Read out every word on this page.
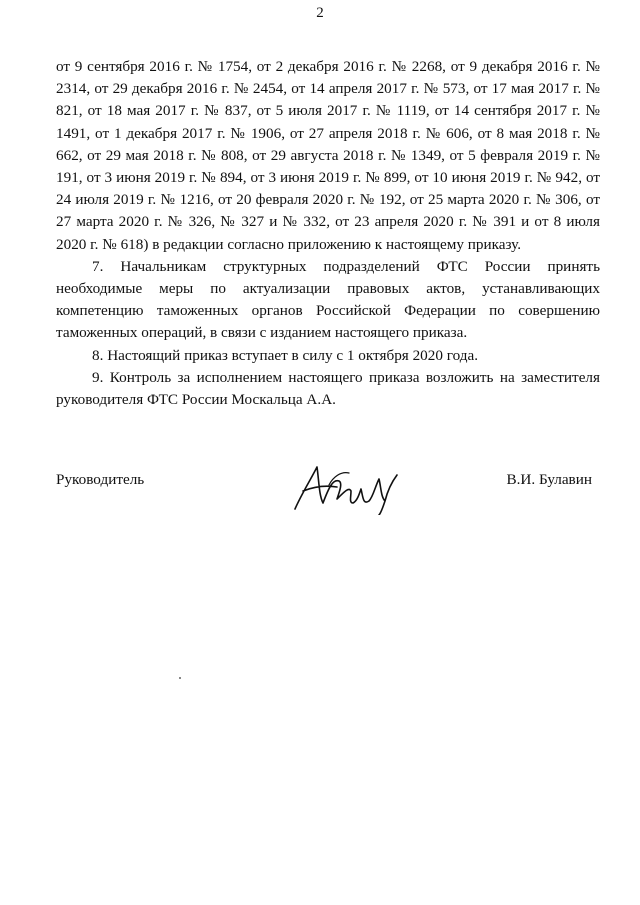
2

от 9 сентября 2016 г. № 1754, от 2 декабря 2016 г. № 2268, от 9 декабря 2016 г. № 2314, от 29 декабря 2016 г. № 2454, от 14 апреля 2017 г. № 573, от 17 мая 2017 г. № 821, от 18 мая 2017 г. № 837, от 5 июля 2017 г. № 1119, от 14 сентября 2017 г. № 1491, от 1 декабря 2017 г. № 1906, от 27 апреля 2018 г. № 606, от 8 мая 2018 г. № 662, от 29 мая 2018 г. № 808, от 29 августа 2018 г. № 1349, от 5 февраля 2019 г. № 191, от 3 июня 2019 г. № 894, от 3 июня 2019 г. № 899, от 10 июня 2019 г. № 942, от 24 июля 2019 г. № 1216, от 20 февраля 2020 г. № 192, от 25 марта 2020 г. № 306, от 27 марта 2020 г. № 326, № 327 и № 332, от 23 апреля 2020 г. № 391 и от 8 июля 2020 г. № 618) в редакции согласно приложению к настоящему приказу.

7. Начальникам структурных подразделений ФТС России принять необходимые меры по актуализации правовых актов, устанавливающих компетенцию таможенных органов Российской Федерации по совершению таможенных операций, в связи с изданием настоящего приказа.

8. Настоящий приказ вступает в силу с 1 октября 2020 года.

9. Контроль за исполнением настоящего приказа возложить на заместителя руководителя ФТС России Москальца А.А.

Руководитель	В.И. Булавин
